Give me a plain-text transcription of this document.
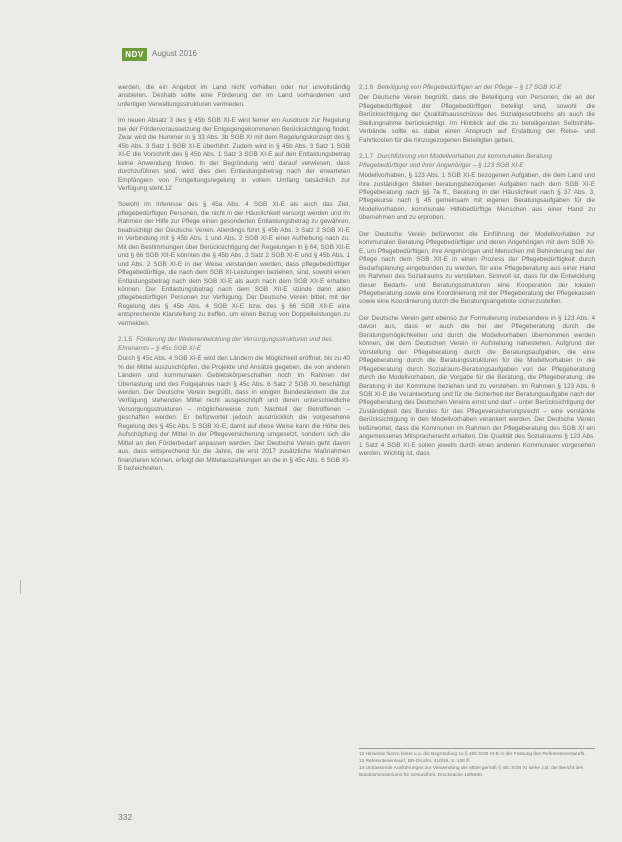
NDV	August 2016

werden, die ein Angebot im Land nicht vorhalten oder nur unvollständig ansbieten. Deshalb sollte eine Förderung der im Land vorhandenen und unfertigen Verwaltungsstrukturen vermieden.

Im neuen Absatz 3 des § 45b SGB XI-E wird ferner ein Ausdruck zur Regelung bei der Fördervoraussetzung der Entgegengekommenen Berücksichtigung findet. Zwar wird die Nummer in § 33 Abs. 3b SGB XI mit dem Regelungskonzept des § 45b Abs. 3 Satz 1 SGB XI-E überführt. Zudem wird in § 45b Abs. 3 Satz 1 SGB XI-E die Vorschrift des § 45b Abs. 1 Satz 3 SGB XI-E auf den Entlastungsbetrag keine Anwendung finden. In der Begründung wird darauf verwiesen, dass durchzuführen sind, wird dies den Entlastungsbetrag nach der erwarteten Empfängern von Fortgeltungsregelung in vollem Umfang tatsächlich zur Verfügung steht.12

Sowohl im Interesse des § 45a Abs. 4 SGB XI-E als auch das Ziel, pflegebedürftigen Personen, die nicht in der Häuslichkeit versorgt werden und im Rahmen der Hilfe zur Pflege einen gesonderten Entlastungsbetrag zu gewähren, beabsichtigt der Deutsche Verein. Allerdings führt § 45b Abs. 3 Satz 2 SGB XI-E in Verbindung mit § 45b Abs. 1 und Abs. 2 SGB XI-E einer Aufhebung nach zu. Mit den Bestimmungen über Berücksichtigung der Regelungen in § 64, SGB XII-E und § 66 SGB XII-E könnten die § 45b Abs. 3 Satz 2 SGB XI-E und § 45b Abs. 1 und Abs. 2 SGB XI-E in der Weise verstanden werden, dass pflegebedürftiger Pflegebedürftige, die nach dem SGB XI-Leistungen beziehen, sind, sowohl einen Entlastungsbetrag nach dem SGB XI-E als auch nach dem SGB XII-E erhalten können. Der Entlastungsbetrag nach dem SGB XII-E stünde dann allen pflegebedürftigen Personen zur Verfügung. Der Deutsche Verein bittet, mit der Regelung des § 45b Abs. 4 SGB XI-E bzw. des § 66 SGB XII-E eine entsprechende Klarstellung zu treffen, um einen Bezug von Doppelleistungen zu vermeiden.

2.1.5 Förderung der Weiterentwicklung der Versorgungsstrukturen und des Ehrenamts – § 45c SGB XI-E

Durch § 45c Abs. 4 SGB XI-E wird den Ländern die Möglichkeit eröffnet, bis zu 40 % der Mittel auszuschöpfen, die Projekte und Ansätze gegeben, die von anderen Ländern und kommunalen Gebietskörperschaften noch im Rahmen der Überlastung und des Folgejahres nach § 45c Abs. 6 Satz 2 SGB XI beschäftigt werden. Der Deutsche Verein begrüßt, dass in einigen Bundesländern die zur Verfügung stehenden Mittel nicht ausgeschöpft und deren unterschiedliche Versorgungsstrukturen – möglicherweise zum Nachteil der Betroffenen – geschaffen werden. Er befürwortet jedoch ausdrücklich die vorgesehene Regelung des § 45c Abs. 5 SGB XI-E, damit auf diese Weise kann die Höhe des Aufschöpfung der Mittel in der Pflegeversicherung umgesetzt, sondern sich die Mittel an den Förderbedarf anpassen werden. Der Deutsche Verein geht davon aus, dass entsprechend für die Jahre, die erst 2017 zusätzliche Maßnahmen finanzieren können, erfolgt der Mittelauszahlungen an die in § 45c Abs. 6 SGB XI-E bezeichneten.

2.1.6 Beteiligung von Pflegebedürftigen an der Pflege – § 17 SGB XI-E

Der Deutsche Verein begrüßt, dass die Beteiligung von Personen, die an der Pflegebedürftigkeit der Pflegebedürftigen beteiligt sind, sowohl die Berücksichtigung der Qualitätsausschüsse des Sozialgesetzbuchs als auch die Stellungnahme berücksichtigt. Im Hinblick auf die zu beteiligenden Selbsthilfe-Verbände sollte es dabei einen Anspruch auf Erstattung der Reise- und Fahrtkosten für die hinzugezogenen Beteiligten geben.

2.1.7 Durchführung von Modellvorhaben zur kommunalen Beratung Pflegebedürftiger und ihrer Angehöriger – § 123 SGB XI-E

Modellvorhaben, § 123 Abs. 1 SGB XI-E bezogenen Aufgaben, die dem Land und ihre zuständigen Stellen beratungsbezogenen Aufgaben nach dem SGB XI-E Pflegeberatung nach §§ 7a ff., Beratung in der Häuslichkeit nach § 37 Abs. 3, Pflegekurse nach § 45 gemeinsam mit eigenen Beratungsaufgaben für die Modellvorhaben, kommunale Hilfebedürftige Menschen aus einer Hand zu übernehmen und zu erproben.

Der Deutsche Verein befürwortet die Einführung der Modellvorhaben zur kommunalen Beratung Pflegebedürftiger und deren Angehörigen mit dem SGB XI-E, um Pflegebedürftigen, ihre Angehörigen und Menschen mit Behinderung bei der Pflege nach dem SGB XII-E in einen Prozess der Pflegebedürftigkeit durch Bedarfsplanung eingebunden zu werden, für eine Pflegeberatung aus einer Hand im Rahmen des Sozialraums zu verstärken. Sinnvoll ist, dass für die Entwicklung dieser Bedarfs- und Beratungsstrukturen eine Kooperation der lokalen Pflegeberatung sowie eine Koordinierung mit der Pflegeberatung der Pflegekassen sowie eine Koordinierung durch die Beratungsangebote sicherzustellen.

Der Deutsche Verein geht ebenso zur Formulierung insbesondere in § 123 Abs. 4 davon aus, dass er auch die bei der Pflegeberatung durch die Beratungsmöglichkeiten und durch die Modellvorhaben übernommen werden können, die dem Deutschen Verein in Aufstellung nahestehen. Aufgrund der Vorstellung der Pflegeberatung durch die Beratungsaufgaben, die eine Pflegeberatung durch die Beratungsstrukturen für die Modellvorhaben in die Pflegeberatung durch Sozialraum-Beratungsaufgaben von der Pflegeberatung durch die Modellvorhaben, die Vorgabe für die Beratung, die Pflegeberatung, die Beratung in der Kommune beziehen und zu verstehen. Im Rahmen § 123 Abs. 6 SGB XI-E die Verantwortung und für die Sicherheit der Beratungsaufgabe nach der Pflegeberatung des Deutschen Vereins ernst und darf – unter Berücksichtigung der Zuständigkeit des Bundes für das Pflegeversicherungsrecht – eine verstärkte Berücksichtigung in den Modellvorhaben verankert werden. Der Deutsche Verein befürwortet, dass die Kommunen im Rahmen der Pflegeberatung des SGB XI ein angemessenes Mitspracherecht erhalten. Die Qualität des Sozialraums § 123 Abs. 1 Satz 4 SGB XI-E sollen jeweils durch einen anderen Kommunaler vorgesehen werden. Wichtig ist, dass

12 Hinweise hierzu bietet u.a. die Begründung zu § 45b SGB XI-E in der Fassung des Referentenentwurfs.
13 Referentenentwurf, BR-Drucks. 410/16, S. 138 ff.
14 Umfassende Ausführungen zur Verwendung der Mittel gemäß § 45c SGB XI siehe z.B. der Bericht des Bundesministeriums für Gesundheit, Drucksache 18/5680.
332
